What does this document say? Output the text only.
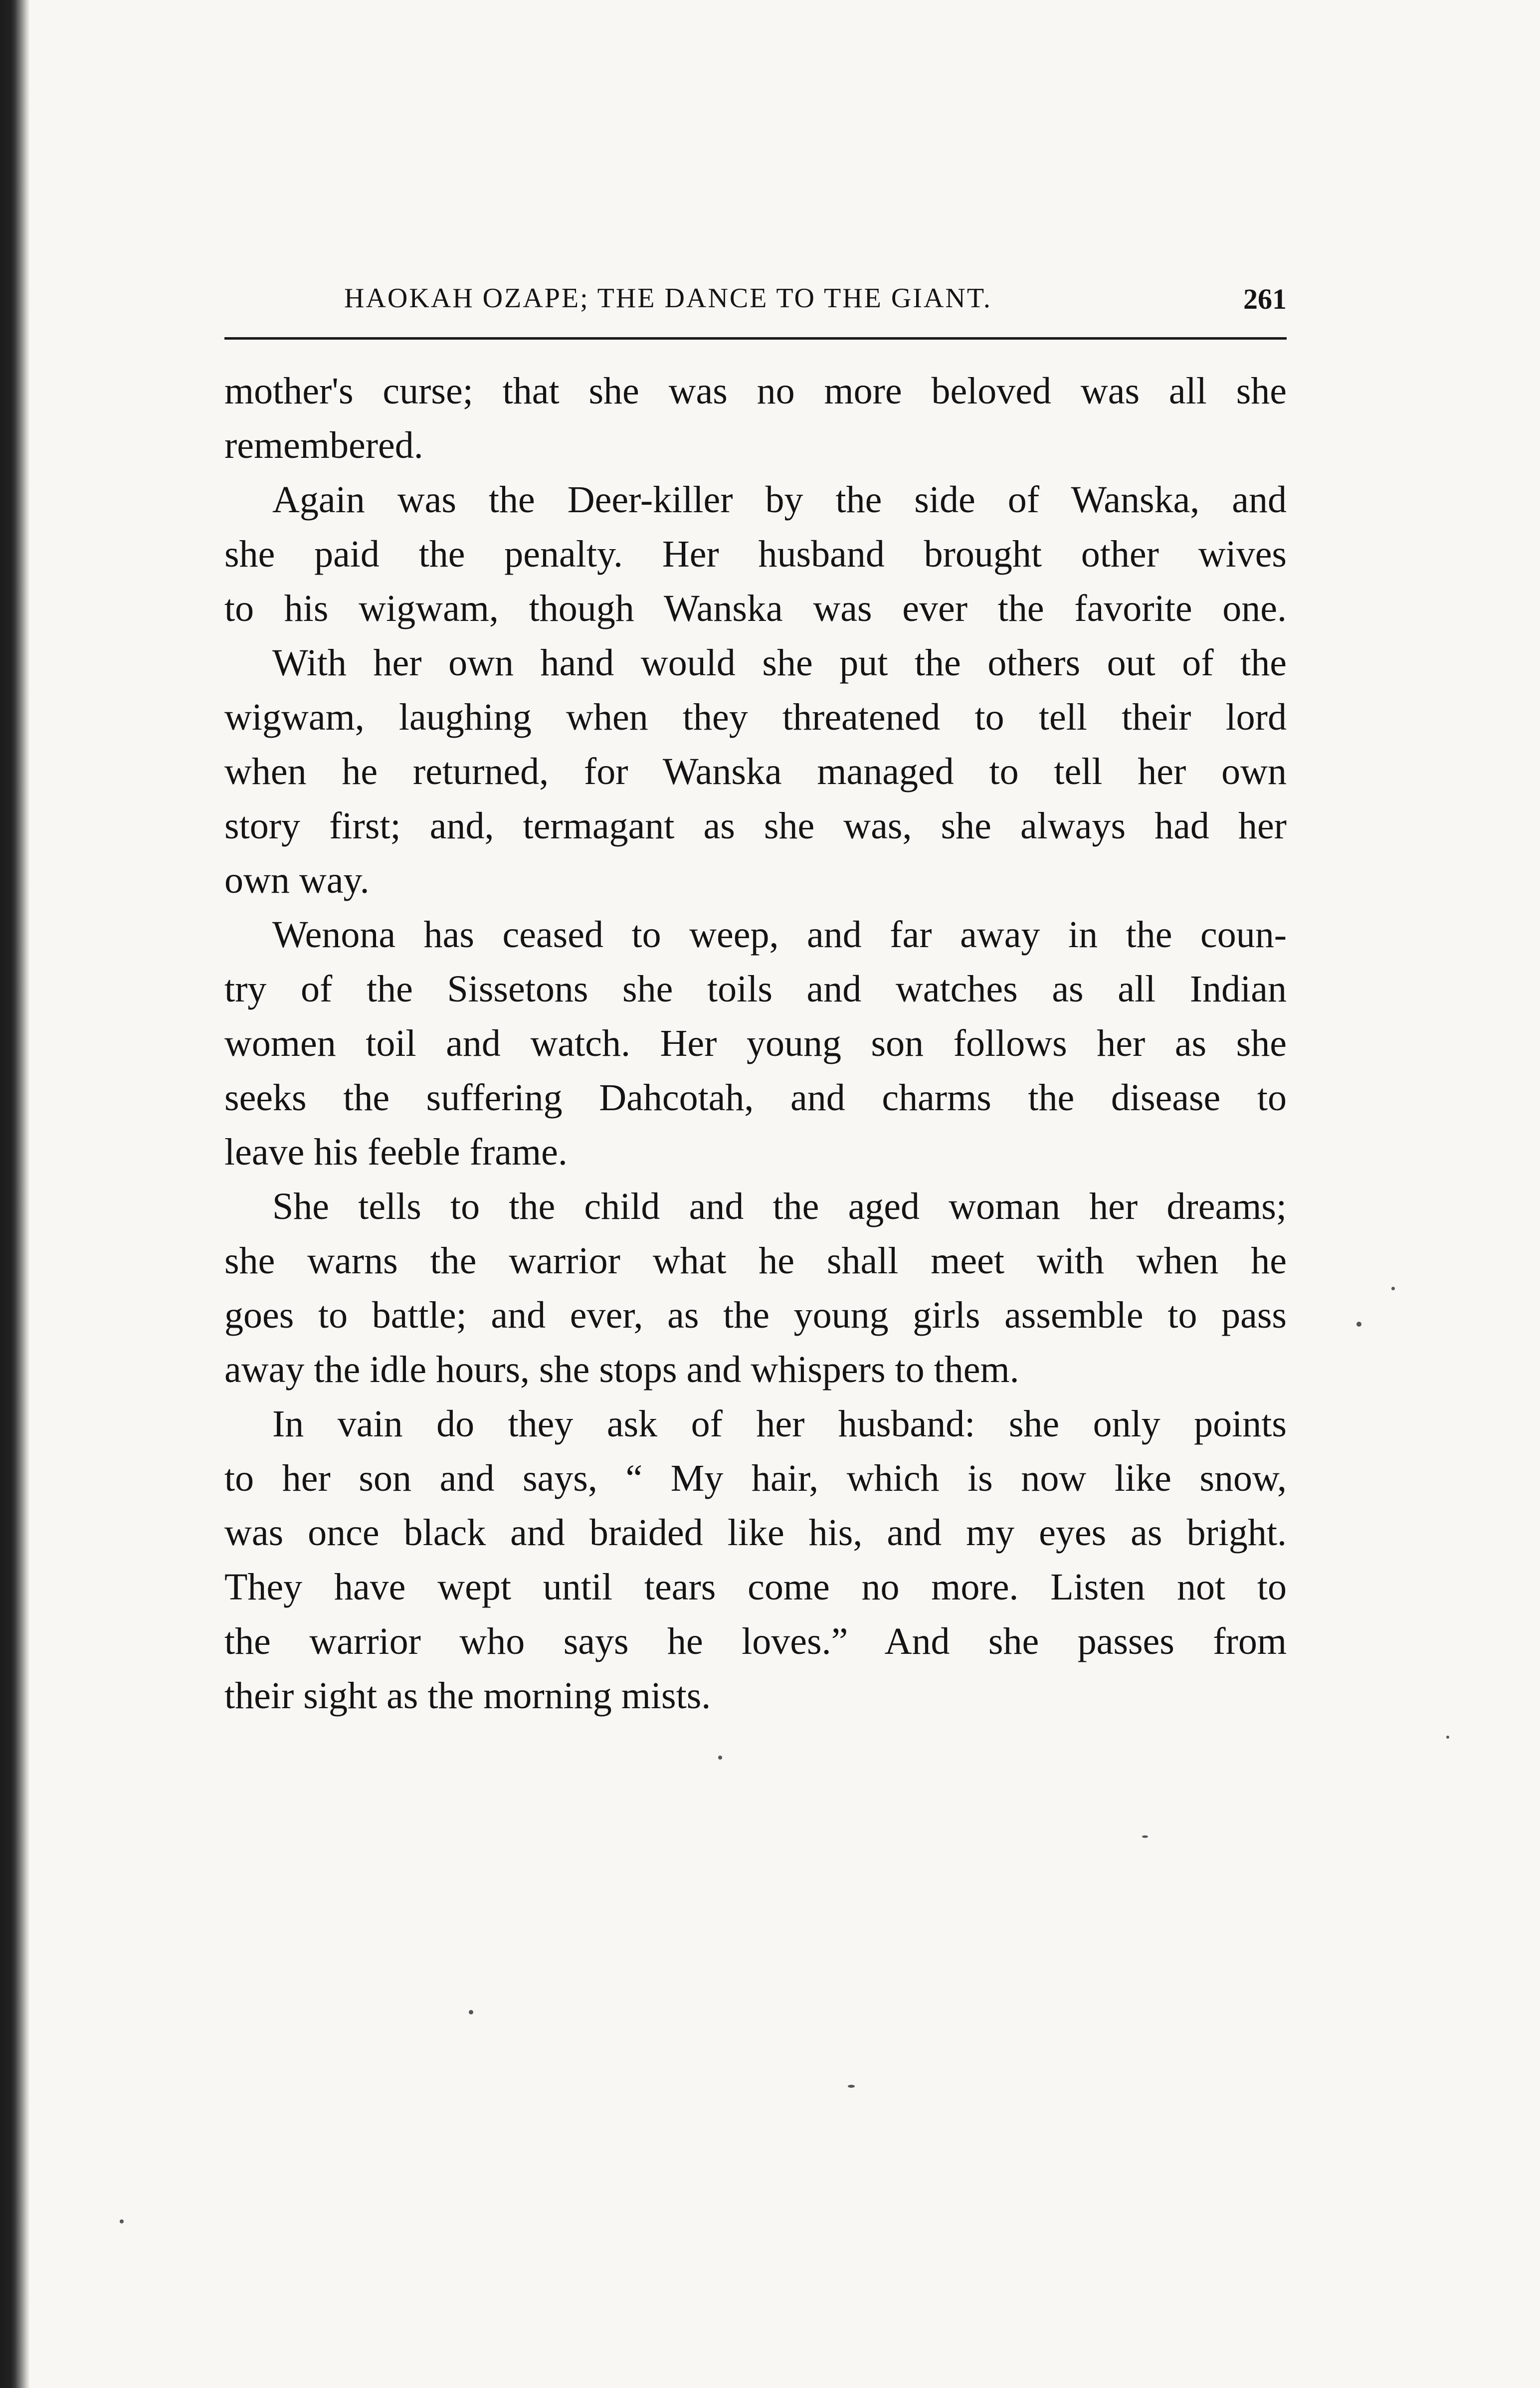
HAOKAH OZAPE; THE DANCE TO THE GIANT.	261
mother's curse; that she was no more beloved was all she
remembered.
Again was the Deer-killer by the side of Wanska, and
she paid the penalty. Her husband brought other wives
to his wigwam, though Wanska was ever the favorite one.
With her own hand would she put the others out of the
wigwam, laughing when they threatened to tell their lord
when he returned, for Wanska managed to tell her own
story first; and, termagant as she was, she always had her
own way.
Wenona has ceased to weep, and far away in the coun-
try of the Sissetons she toils and watches as all Indian
women toil and watch. Her young son follows her as she
seeks the suffering Dahcotah, and charms the disease to
leave his feeble frame.
She tells to the child and the aged woman her dreams;
she warns the warrior what he shall meet with when he
goes to battle; and ever, as the young girls assemble to pass
away the idle hours, she stops and whispers to them.
In vain do they ask of her husband: she only points
to her son and says, “ My hair, which is now like snow,
was once black and braided like his, and my eyes as bright.
They have wept until tears come no more. Listen not to
the warrior who says he loves.” And she passes from
their sight as the morning mists.
